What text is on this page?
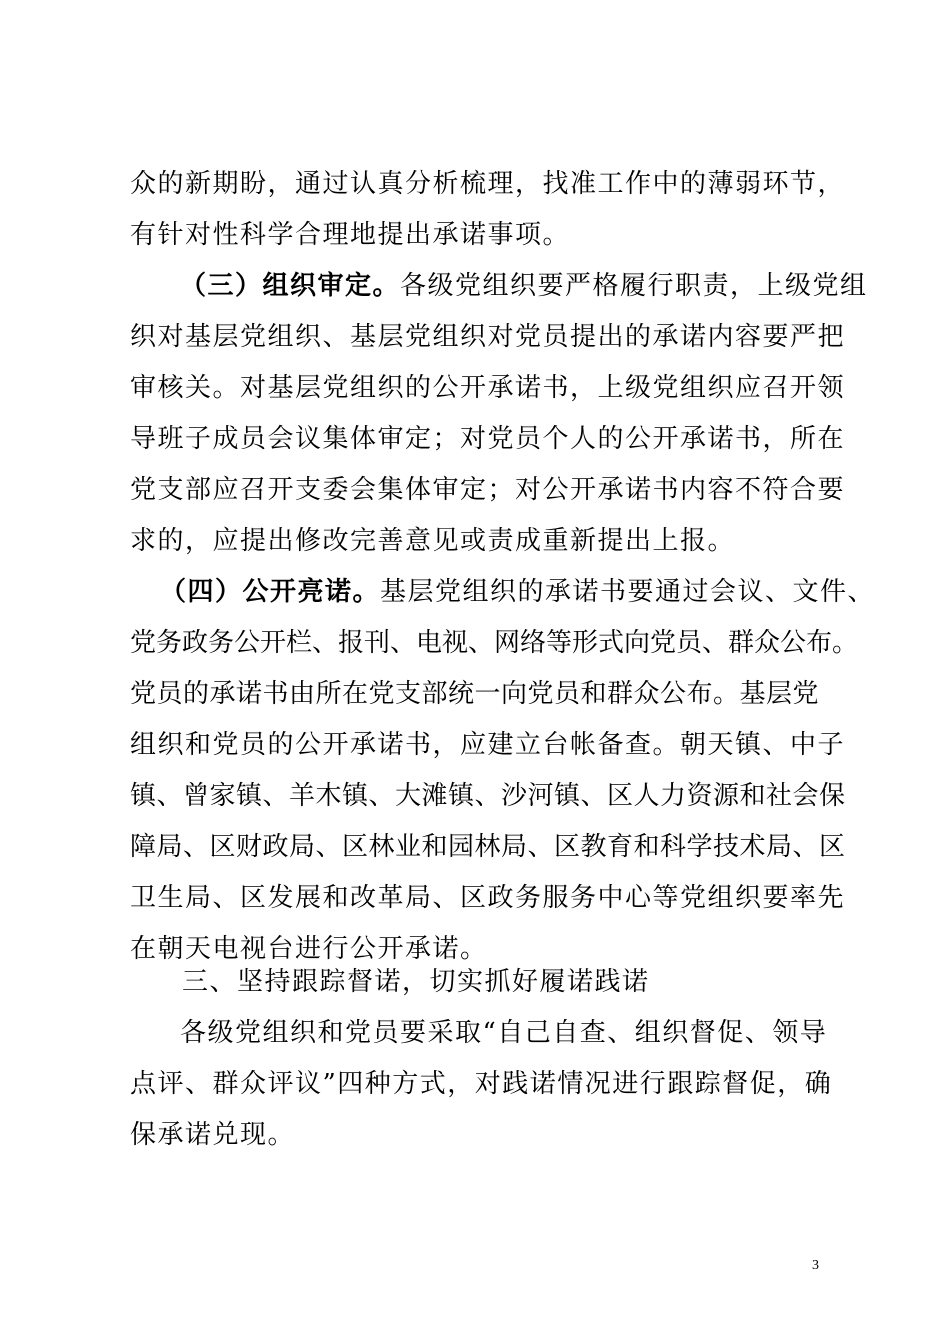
众的新期盼，通过认真分析梳理，找准工作中的薄弱环节，
有针对性科学合理地提出承诺事项。
（三）组织审定。各级党组织要严格履行职责，上级党组
织对基层党组织、基层党组织对党员提出的承诺内容要严把
审核关。对基层党组织的公开承诺书，上级党组织应召开领
导班子成员会议集体审定；对党员个人的公开承诺书，所在
党支部应召开支委会集体审定；对公开承诺书内容不符合要
求的，应提出修改完善意见或责成重新提出上报。
（四）公开亮诺。基层党组织的承诺书要通过会议、文件、
党务政务公开栏、报刊、电视、网络等形式向党员、群众公布。
党员的承诺书由所在党支部统一向党员和群众公布。基层党
组织和党员的公开承诺书，应建立台帐备查。朝天镇、中子
镇、曾家镇、羊木镇、大滩镇、沙河镇、区人力资源和社会保
障局、区财政局、区林业和园林局、区教育和科学技术局、区
卫生局、区发展和改革局、区政务服务中心等党组织要率先
在朝天电视台进行公开承诺。
三、坚持跟踪督诺，切实抓好履诺践诺
各级党组织和党员要采取“自己自查、组织督促、领导
点评、群众评议”四种方式，对践诺情况进行跟踪督促，确
保承诺兑现。
3
